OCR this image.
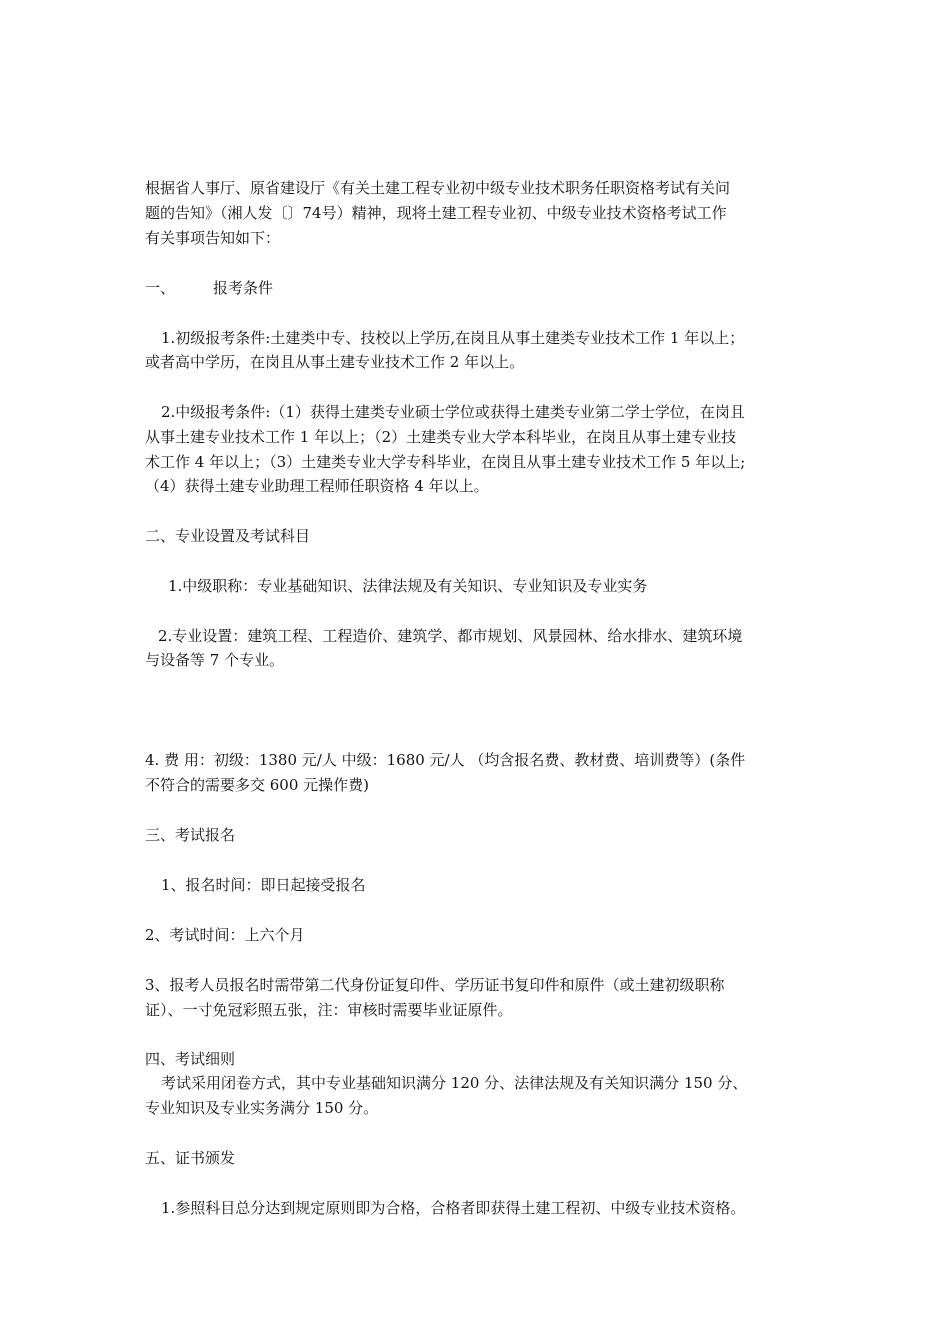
根据省人事厅、原省建设厅《有关土建工程专业初中级专业技术职务任职资格考试有关问
题的告知》（湘人发〔〕74号）精神，现将土建工程专业初、中级专业技术资格考试工作
有关事项告知如下：
一、	报考条件
1.初级报考条件:土建类中专、技校以上学历,在岗且从事土建类专业技术工作 1 年以上；
或者高中学历，在岗且从事土建专业技术工作 2 年以上。
2.中级报考条件:（1）获得土建类专业硕士学位或获得土建类专业第二学士学位，在岗且
从事土建专业技术工作 1 年以上；（2）土建类专业大学本科毕业，在岗且从事土建专业技
术工作 4 年以上；（3）土建类专业大学专科毕业，在岗且从事土建专业技术工作 5 年以上;
（4）获得土建专业助理工程师任职资格 4 年以上。
二、专业设置及考试科目
1.中级职称：专业基础知识、法律法规及有关知识、专业知识及专业实务
2.专业设置：建筑工程、工程造价、建筑学、都市规划、风景园林、给水排水、建筑环境
与设备等 7 个专业。
4. 费 用：初级：1380 元/人 中级：1680 元/人 （均含报名费、教材费、培训费等）(条件
不符合的需要多交 600 元操作费)
三、考试报名
1、报名时间：即日起接受报名
2、考试时间：上六个月
3、报考人员报名时需带第二代身份证复印件、学历证书复印件和原件（或土建初级职称
证）、一寸免冠彩照五张，注：审核时需要毕业证原件。
四、考试细则
考试采用闭卷方式，其中专业基础知识满分 120 分、法律法规及有关知识满分 150 分、
专业知识及专业实务满分 150 分。
五、证书颁发
1.参照科目总分达到规定原则即为合格，合格者即获得土建工程初、中级专业技术资格。
